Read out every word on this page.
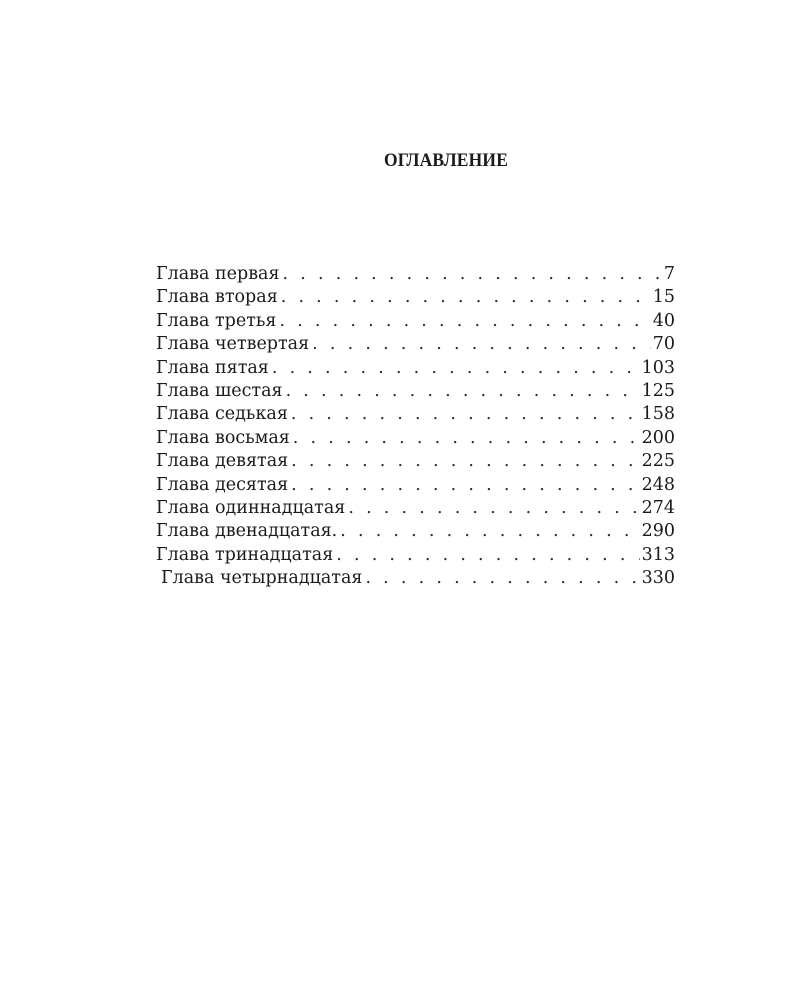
ОГЛАВЛЕНИЕ
Глава первая . . .	7
Глава вторая . . .	15
Глава третья . . .	40
Глава четвертая . . .	70
Глава пятая . . .	103
Глава шестая . . .	125
Глава седькая . . .	158
Глава восьмая . . .	200
Глава девятая . . .	225
Глава десятая . . .	248
Глава одиннадцатая . . .	274
Глава двенадцатая. . . .	290
Глава тринадцатая . . .	313
Глава четырнадцатая . . .	330
